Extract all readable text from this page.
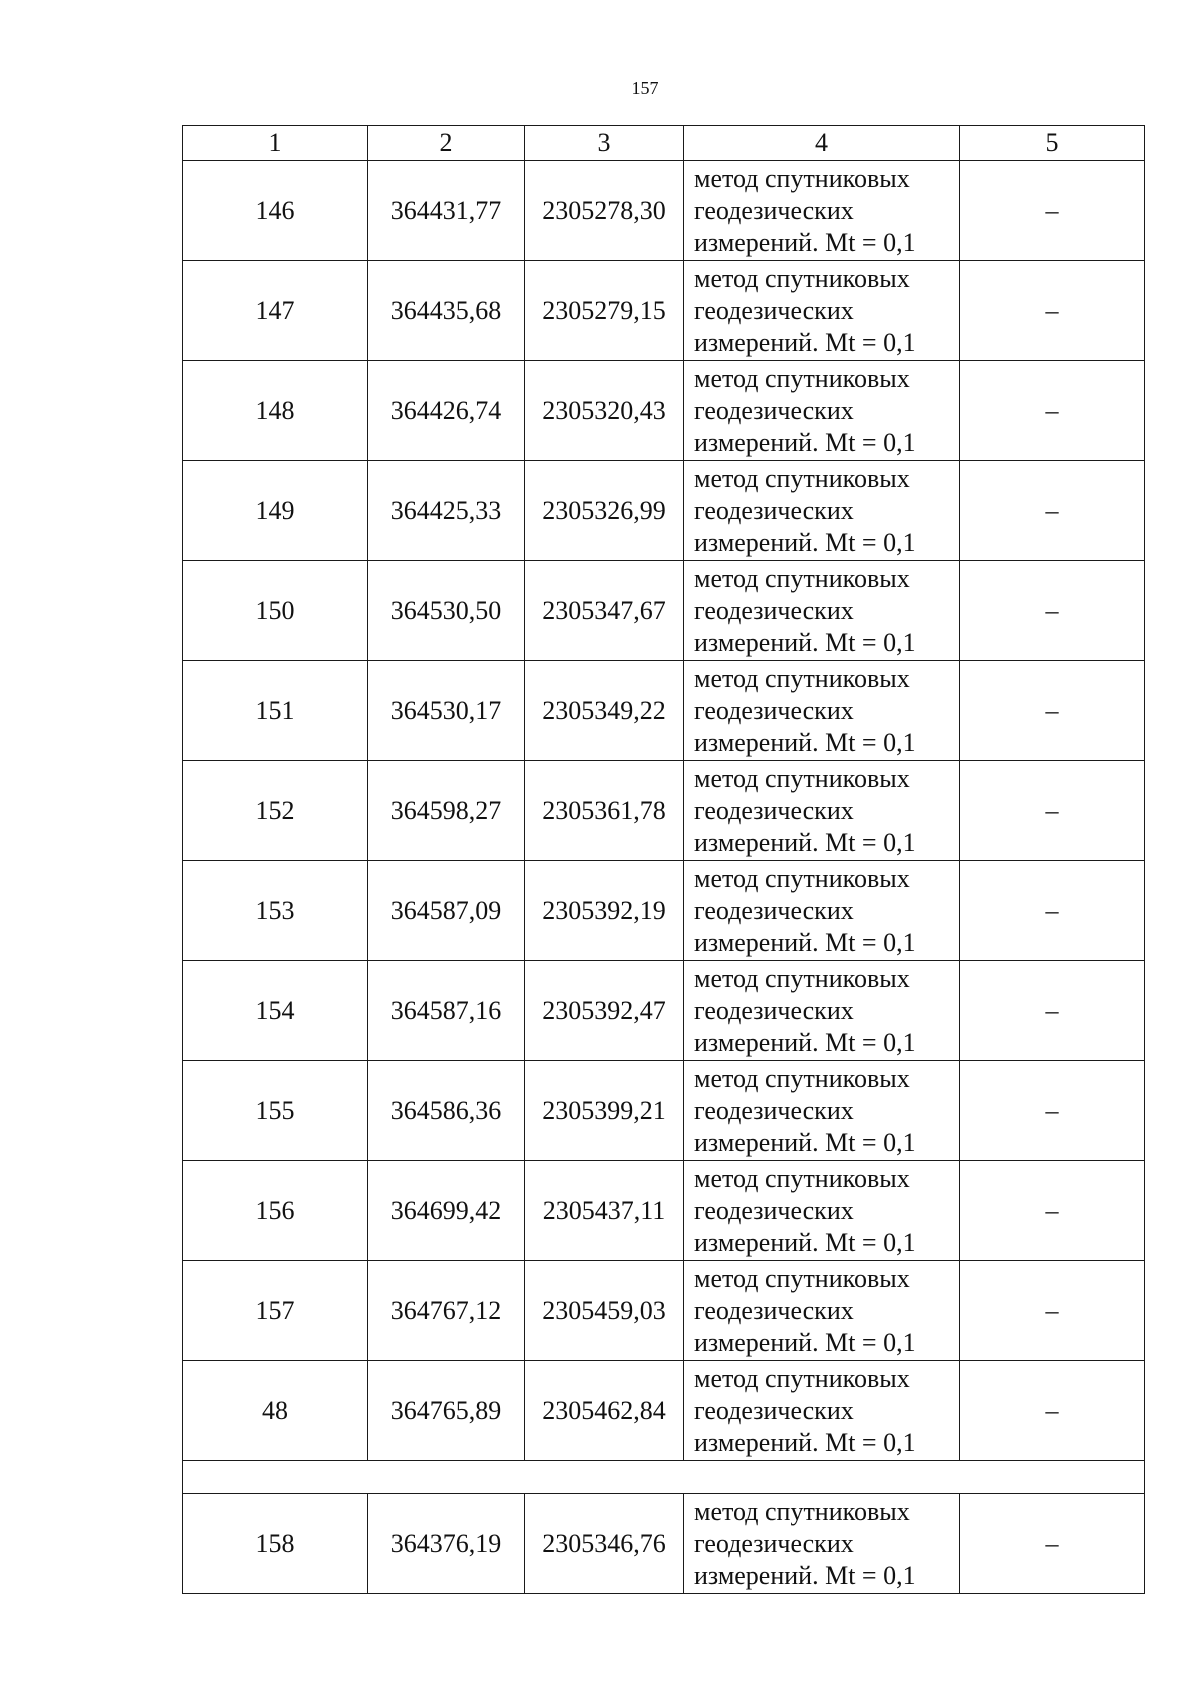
157
1	2	3	4	5
146	364431,77	2305278,30	метод спутниковых
геодезических
измерений. Mt = 0,1	–
147	364435,68	2305279,15	метод спутниковых
геодезических
измерений. Mt = 0,1	–
148	364426,74	2305320,43	метод спутниковых
геодезических
измерений. Mt = 0,1	–
149	364425,33	2305326,99	метод спутниковых
геодезических
измерений. Mt = 0,1	–
150	364530,50	2305347,67	метод спутниковых
геодезических
измерений. Mt = 0,1	–
151	364530,17	2305349,22	метод спутниковых
геодезических
измерений. Mt = 0,1	–
152	364598,27	2305361,78	метод спутниковых
геодезических
измерений. Mt = 0,1	–
153	364587,09	2305392,19	метод спутниковых
геодезических
измерений. Mt = 0,1	–
154	364587,16	2305392,47	метод спутниковых
геодезических
измерений. Mt = 0,1	–
155	364586,36	2305399,21	метод спутниковых
геодезических
измерений. Mt = 0,1	–
156	364699,42	2305437,11	метод спутниковых
геодезических
измерений. Mt = 0,1	–
157	364767,12	2305459,03	метод спутниковых
геодезических
измерений. Mt = 0,1	–
48	364765,89	2305462,84	метод спутниковых
геодезических
измерений. Mt = 0,1	–

158	364376,19	2305346,76	метод спутниковых
геодезических
измерений. Mt = 0,1	–
